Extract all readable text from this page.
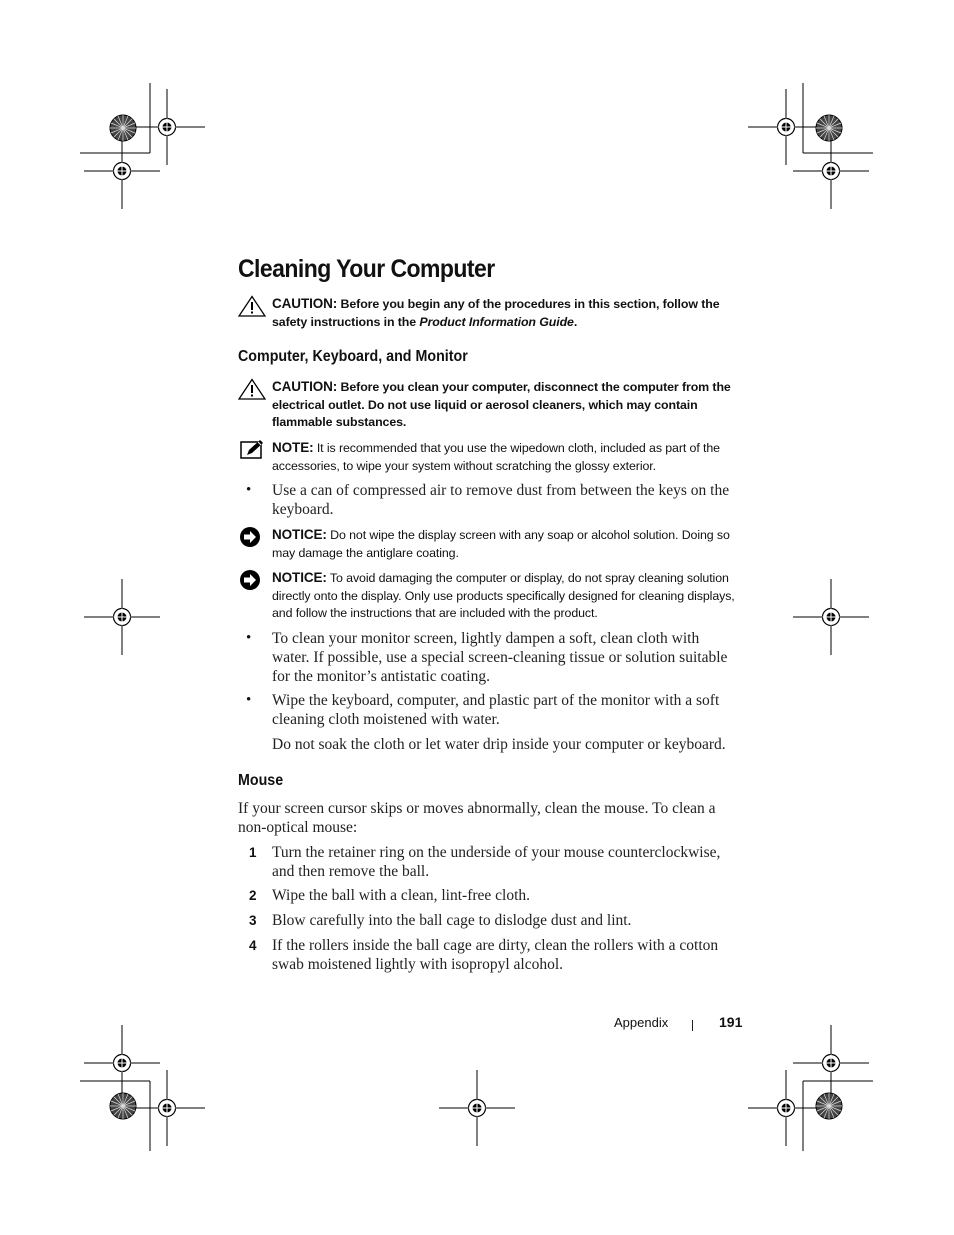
Cleaning Your Computer
CAUTION: Before you begin any of the procedures in this section, follow the safety instructions in the Product Information Guide.
Computer, Keyboard, and Monitor
CAUTION: Before you clean your computer, disconnect the computer from the electrical outlet. Do not use liquid or aerosol cleaners, which may contain flammable substances.
NOTE: It is recommended that you use the wipedown cloth, included as part of the accessories, to wipe your system without scratching the glossy exterior.
• Use a can of compressed air to remove dust from between the keys on the keyboard.
NOTICE: Do not wipe the display screen with any soap or alcohol solution. Doing so may damage the antiglare coating.
NOTICE: To avoid damaging the computer or display, do not spray cleaning solution directly onto the display. Only use products specifically designed for cleaning displays, and follow the instructions that are included with the product.
• To clean your monitor screen, lightly dampen a soft, clean cloth with water. If possible, use a special screen-cleaning tissue or solution suitable for the monitor’s antistatic coating.
• Wipe the keyboard, computer, and plastic part of the monitor with a soft cleaning cloth moistened with water.
Do not soak the cloth or let water drip inside your computer or keyboard.
Mouse
If your screen cursor skips or moves abnormally, clean the mouse. To clean a non-optical mouse:
1 Turn the retainer ring on the underside of your mouse counterclockwise, and then remove the ball.
2 Wipe the ball with a clean, lint-free cloth.
3 Blow carefully into the ball cage to dislodge dust and lint.
4 If the rollers inside the ball cage are dirty, clean the rollers with a cotton swab moistened lightly with isopropyl alcohol.
Appendix	191
